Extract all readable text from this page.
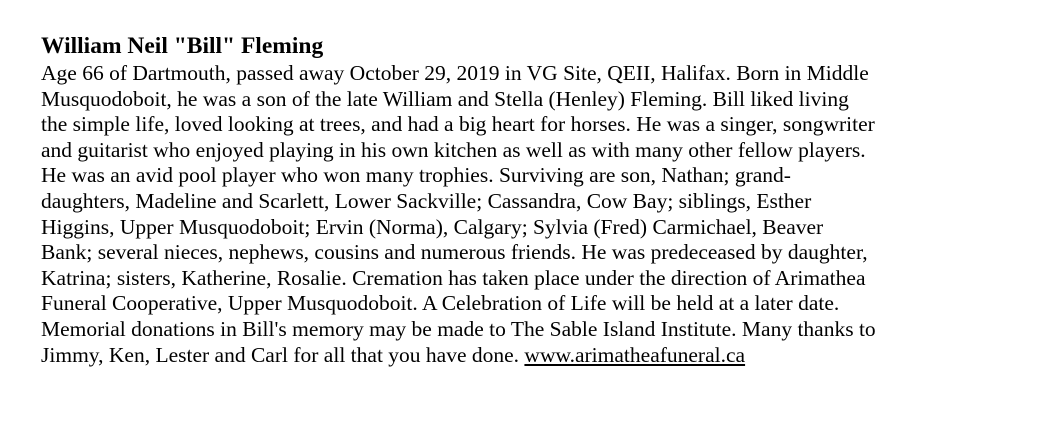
William Neil "Bill" Fleming

Age 66 of Dartmouth, passed away October 29, 2019 in VG Site, QEII, Halifax. Born in Middle
Musquodoboit, he was a son of the late William and Stella (Henley) Fleming. Bill liked living
the simple life, loved looking at trees, and had a big heart for horses. He was a singer, songwriter
and guitarist who enjoyed playing in his own kitchen as well as with many other fellow players.
He was an avid pool player who won many trophies. Surviving are son, Nathan; grand-
daughters, Madeline and Scarlett, Lower Sackville; Cassandra, Cow Bay; siblings, Esther
Higgins, Upper Musquodoboit; Ervin (Norma), Calgary; Sylvia (Fred) Carmichael, Beaver
Bank; several nieces, nephews, cousins and numerous friends. He was predeceased by daughter,
Katrina; sisters, Katherine, Rosalie. Cremation has taken place under the direction of Arimathea
Funeral Cooperative, Upper Musquodoboit. A Celebration of Life will be held at a later date.
Memorial donations in Bill's memory may be made to The Sable Island Institute. Many thanks to
Jimmy, Ken, Lester and Carl for all that you have done. www.arimatheafuneral.ca
